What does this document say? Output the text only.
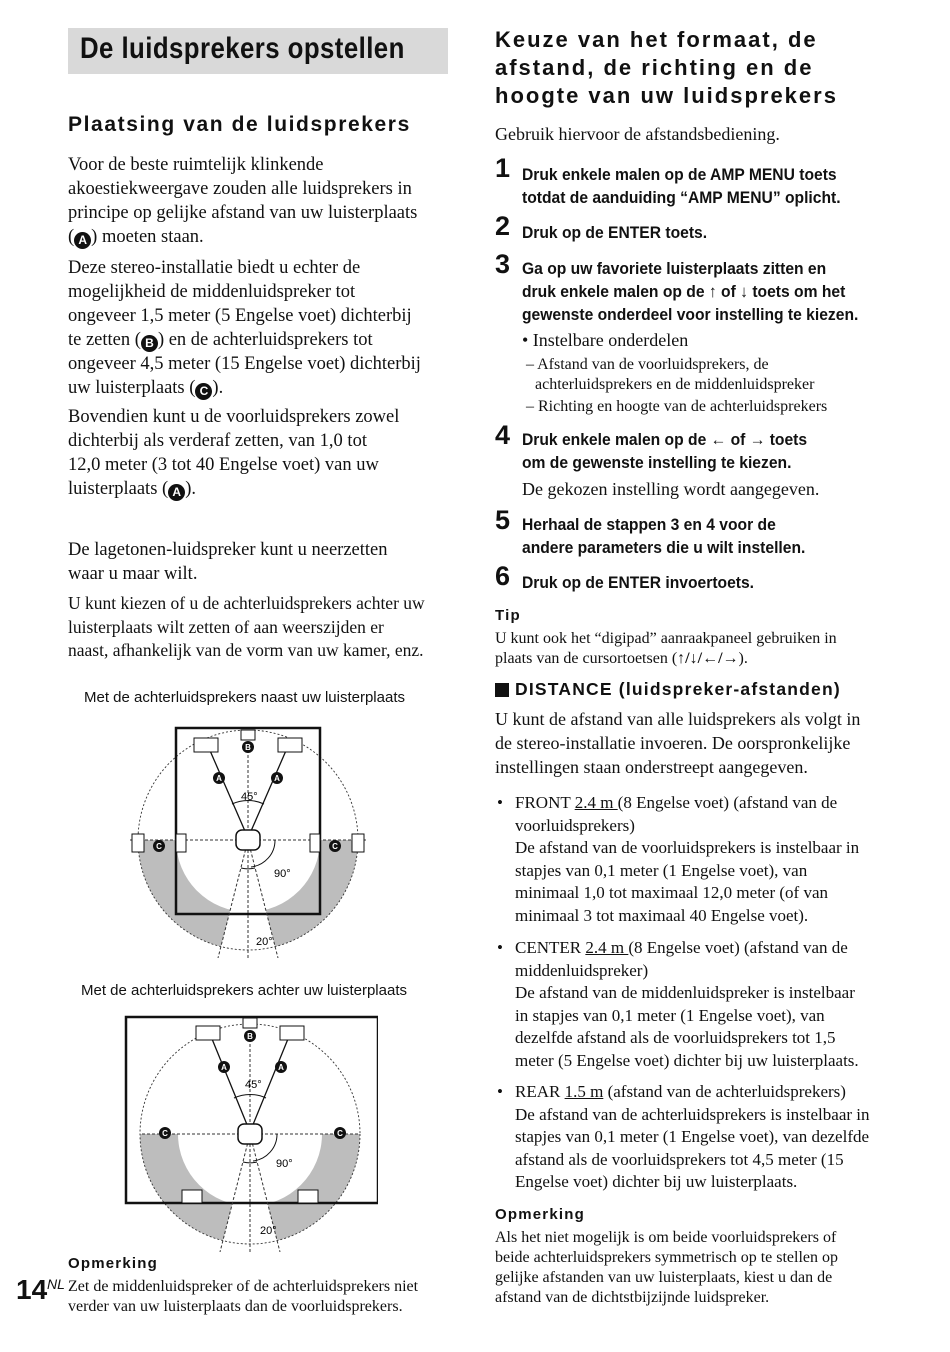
De luidsprekers opstellen
Plaatsing van de luidsprekers
Voor de beste ruimtelijk klinkende
akoestiekweergave zouden alle luidsprekers in
principe op gelijke afstand van uw luisterplaats
( A ) moeten staan.
Deze stereo-installatie biedt u echter de
mogelijkheid de middenluidspreker tot
ongeveer 1,5 meter (5 Engelse voet) dichterbij
te zetten ( B ) en de achterluidsprekers tot
ongeveer 4,5 meter (15 Engelse voet) dichterbij
uw luisterplaats ( C ).
Bovendien kunt u de voorluidsprekers zowel
dichterbij als verderaf zetten, van 1,0 tot
12,0 meter (3 tot 40 Engelse voet) van uw
luisterplaats ( A ).
De lagetonen-luidspreker kunt u neerzetten
waar u maar wilt.
U kunt kiezen of u de achterluidsprekers achter uw
luisterplaats wilt zetten of aan weerszijden er
naast, afhankelijk van de vorm van uw kamer, enz.
Met de achterluidsprekers naast uw luisterplaats
B
A	A
C	C
45°
90°
20°
Met de achterluidsprekers achter uw luisterplaats
B
A	A
C	C
45°
90°
20°
Opmerking
14 NL Zet de middenluidspreker of de achterluidsprekers niet
verder van uw luisterplaats dan de voorluidsprekers.
Keuze van het formaat, de
afstand, de richting en de
hoogte van uw luidsprekers
Gebruik hiervoor de afstandsbediening.
1 Druk enkele malen op de AMP MENU toets
totdat de aanduiding “AMP MENU” oplicht.
2 Druk op de ENTER toets.
3 Ga op uw favoriete luisterplaats zitten en
druk enkele malen op de ↑ of ↓ toets om het
gewenste onderdeel voor instelling te kiezen.
• Instelbare onderdelen
– Afstand van de voorluidsprekers, de
achterluidsprekers en de middenluidspreker
– Richting en hoogte van de achterluidsprekers
4 Druk enkele malen op de ← of → toets
om de gewenste instelling te kiezen.
De gekozen instelling wordt aangegeven.
5 Herhaal de stappen 3 en 4 voor de
andere parameters die u wilt instellen.
6 Druk op de ENTER invoertoets.
Tip
U kunt ook het “digipad” aanraakpaneel gebruiken in
plaats van de cursortoetsen (↑/↓/←/→).
DISTANCE (luidspreker-afstanden)
U kunt de afstand van alle luidsprekers als volgt in
de stereo-installatie invoeren. De oorspronkelijke
instellingen staan onderstreept aangegeven.
• FRONT 2.4 m (8 Engelse voet) (afstand van de
voorluidsprekers)
De afstand van de voorluidsprekers is instelbaar in
stapjes van 0,1 meter (1 Engelse voet), van
minimaal 1,0 tot maximaal 12,0 meter (of van
minimaal 3 tot maximaal 40 Engelse voet).
• CENTER 2.4 m (8 Engelse voet) (afstand van de
middenluidspreker)
De afstand van de middenluidspreker is instelbaar
in stapjes van 0,1 meter (1 Engelse voet), van
dezelfde afstand als de voorluidsprekers tot 1,5
meter (5 Engelse voet) dichter bij uw luisterplaats.
• REAR 1.5 m (afstand van de achterluidsprekers)
De afstand van de achterluidsprekers is instelbaar in
stapjes van 0,1 meter (1 Engelse voet), van dezelfde
afstand als de voorluidsprekers tot 4,5 meter (15
Engelse voet) dichter bij uw luisterplaats.
Opmerking
Als het niet mogelijk is om beide voorluidsprekers of
beide achterluidsprekers symmetrisch op te stellen op
gelijke afstanden van uw luisterplaats, kiest u dan de
afstand van de dichtstbijzijnde luidspreker.
